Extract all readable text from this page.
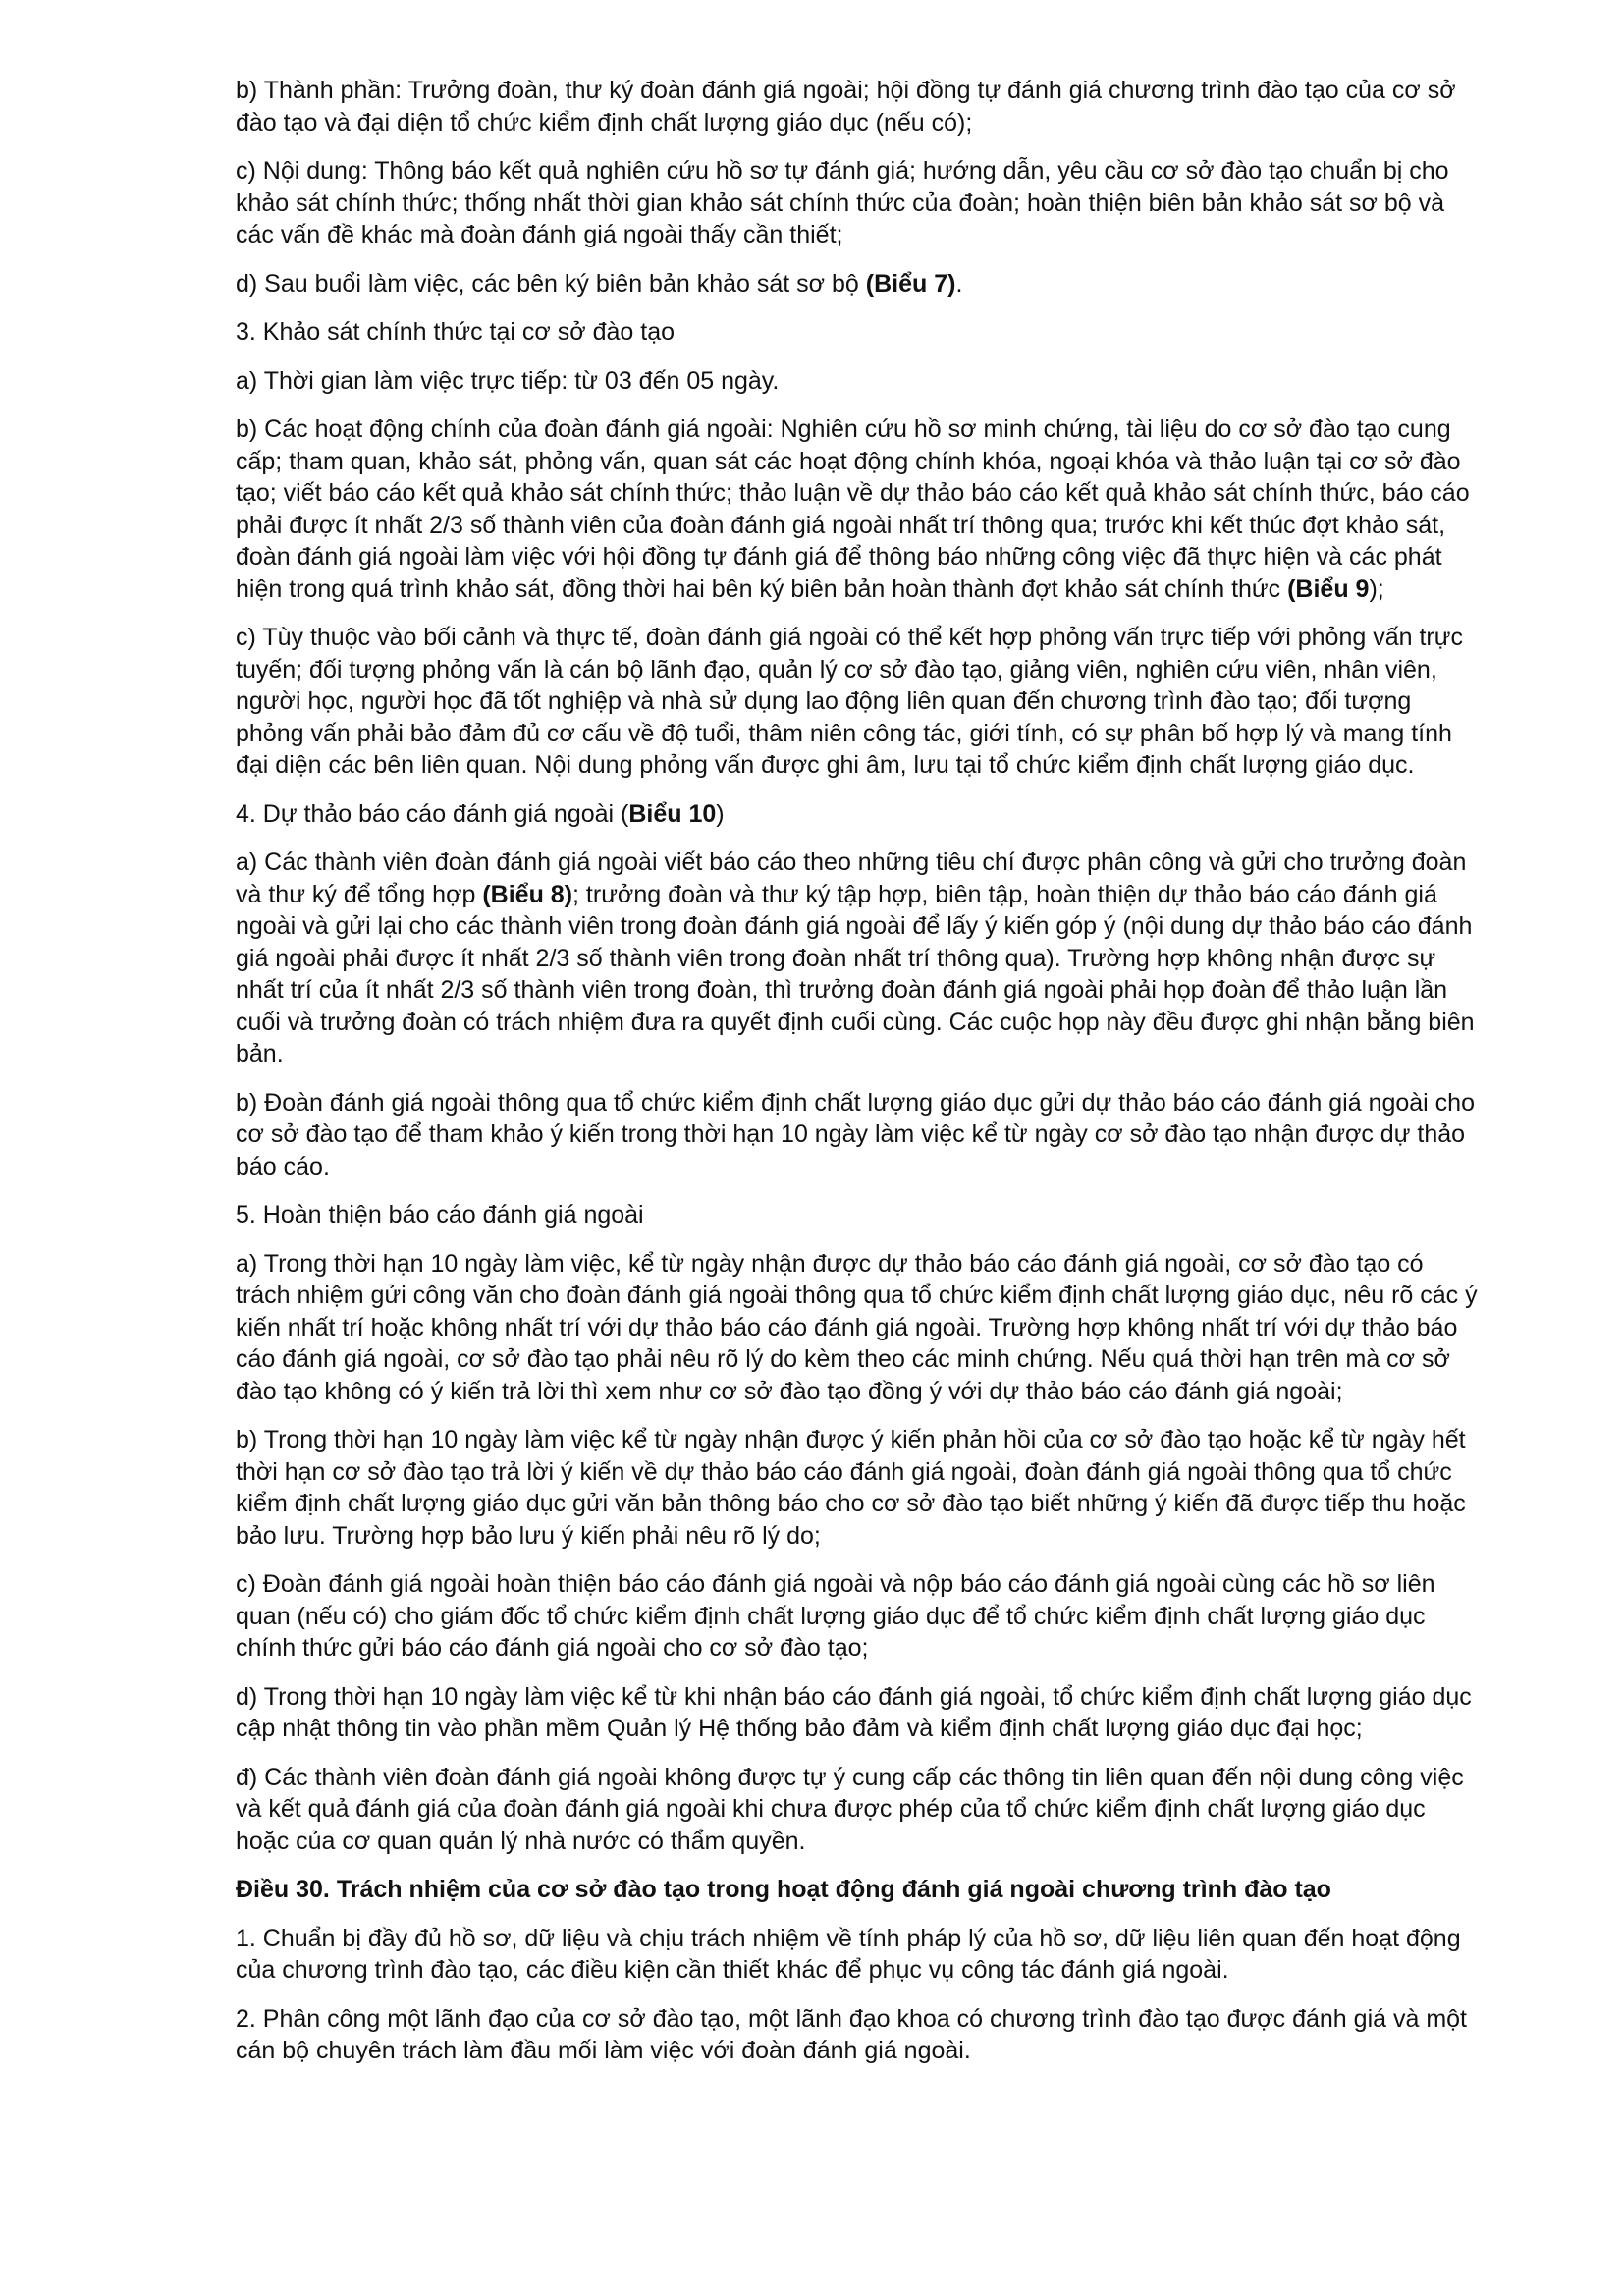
b) Thành phần: Trưởng đoàn, thư ký đoàn đánh giá ngoài; hội đồng tự đánh giá chương trình đào tạo của cơ sở đào tạo và đại diện tổ chức kiểm định chất lượng giáo dục (nếu có);

c) Nội dung: Thông báo kết quả nghiên cứu hồ sơ tự đánh giá; hướng dẫn, yêu cầu cơ sở đào tạo chuẩn bị cho khảo sát chính thức; thống nhất thời gian khảo sát chính thức của đoàn; hoàn thiện biên bản khảo sát sơ bộ và các vấn đề khác mà đoàn đánh giá ngoài thấy cần thiết;

d) Sau buổi làm việc, các bên ký biên bản khảo sát sơ bộ (Biểu 7).

3. Khảo sát chính thức tại cơ sở đào tạo

a) Thời gian làm việc trực tiếp: từ 03 đến 05 ngày.

b) Các hoạt động chính của đoàn đánh giá ngoài: Nghiên cứu hồ sơ minh chứng, tài liệu do cơ sở đào tạo cung cấp; tham quan, khảo sát, phỏng vấn, quan sát các hoạt động chính khóa, ngoại khóa và thảo luận tại cơ sở đào tạo; viết báo cáo kết quả khảo sát chính thức; thảo luận về dự thảo báo cáo kết quả khảo sát chính thức, báo cáo phải được ít nhất 2/3 số thành viên của đoàn đánh giá ngoài nhất trí thông qua; trước khi kết thúc đợt khảo sát, đoàn đánh giá ngoài làm việc với hội đồng tự đánh giá để thông báo những công việc đã thực hiện và các phát hiện trong quá trình khảo sát, đồng thời hai bên ký biên bản hoàn thành đợt khảo sát chính thức (Biểu 9);

c) Tùy thuộc vào bối cảnh và thực tế, đoàn đánh giá ngoài có thể kết hợp phỏng vấn trực tiếp với phỏng vấn trực tuyến; đối tượng phỏng vấn là cán bộ lãnh đạo, quản lý cơ sở đào tạo, giảng viên, nghiên cứu viên, nhân viên, người học, người học đã tốt nghiệp và nhà sử dụng lao động liên quan đến chương trình đào tạo; đối tượng phỏng vấn phải bảo đảm đủ cơ cấu về độ tuổi, thâm niên công tác, giới tính, có sự phân bố hợp lý và mang tính đại diện các bên liên quan. Nội dung phỏng vấn được ghi âm, lưu tại tổ chức kiểm định chất lượng giáo dục.

4. Dự thảo báo cáo đánh giá ngoài (Biểu 10)

a) Các thành viên đoàn đánh giá ngoài viết báo cáo theo những tiêu chí được phân công và gửi cho trưởng đoàn và thư ký để tổng hợp (Biểu 8); trưởng đoàn và thư ký tập hợp, biên tập, hoàn thiện dự thảo báo cáo đánh giá ngoài và gửi lại cho các thành viên trong đoàn đánh giá ngoài để lấy ý kiến góp ý (nội dung dự thảo báo cáo đánh giá ngoài phải được ít nhất 2/3 số thành viên trong đoàn nhất trí thông qua). Trường hợp không nhận được sự nhất trí của ít nhất 2/3 số thành viên trong đoàn, thì trưởng đoàn đánh giá ngoài phải họp đoàn để thảo luận lần cuối và trưởng đoàn có trách nhiệm đưa ra quyết định cuối cùng. Các cuộc họp này đều được ghi nhận bằng biên bản.

b) Đoàn đánh giá ngoài thông qua tổ chức kiểm định chất lượng giáo dục gửi dự thảo báo cáo đánh giá ngoài cho cơ sở đào tạo để tham khảo ý kiến trong thời hạn 10 ngày làm việc kể từ ngày cơ sở đào tạo nhận được dự thảo báo cáo.

5. Hoàn thiện báo cáo đánh giá ngoài

a) Trong thời hạn 10 ngày làm việc, kể từ ngày nhận được dự thảo báo cáo đánh giá ngoài, cơ sở đào tạo có trách nhiệm gửi công văn cho đoàn đánh giá ngoài thông qua tổ chức kiểm định chất lượng giáo dục, nêu rõ các ý kiến nhất trí hoặc không nhất trí với dự thảo báo cáo đánh giá ngoài. Trường hợp không nhất trí với dự thảo báo cáo đánh giá ngoài, cơ sở đào tạo phải nêu rõ lý do kèm theo các minh chứng. Nếu quá thời hạn trên mà cơ sở đào tạo không có ý kiến trả lời thì xem như cơ sở đào tạo đồng ý với dự thảo báo cáo đánh giá ngoài;

b) Trong thời hạn 10 ngày làm việc kể từ ngày nhận được ý kiến phản hồi của cơ sở đào tạo hoặc kể từ ngày hết thời hạn cơ sở đào tạo trả lời ý kiến về dự thảo báo cáo đánh giá ngoài, đoàn đánh giá ngoài thông qua tổ chức kiểm định chất lượng giáo dục gửi văn bản thông báo cho cơ sở đào tạo biết những ý kiến đã được tiếp thu hoặc bảo lưu. Trường hợp bảo lưu ý kiến phải nêu rõ lý do;

c) Đoàn đánh giá ngoài hoàn thiện báo cáo đánh giá ngoài và nộp báo cáo đánh giá ngoài cùng các hồ sơ liên quan (nếu có) cho giám đốc tổ chức kiểm định chất lượng giáo dục để tổ chức kiểm định chất lượng giáo dục chính thức gửi báo cáo đánh giá ngoài cho cơ sở đào tạo;

d) Trong thời hạn 10 ngày làm việc kể từ khi nhận báo cáo đánh giá ngoài, tổ chức kiểm định chất lượng giáo dục cập nhật thông tin vào phần mềm Quản lý Hệ thống bảo đảm và kiểm định chất lượng giáo dục đại học;

đ) Các thành viên đoàn đánh giá ngoài không được tự ý cung cấp các thông tin liên quan đến nội dung công việc và kết quả đánh giá của đoàn đánh giá ngoài khi chưa được phép của tổ chức kiểm định chất lượng giáo dục hoặc của cơ quan quản lý nhà nước có thẩm quyền.

Điều 30. Trách nhiệm của cơ sở đào tạo trong hoạt động đánh giá ngoài chương trình đào tạo

1. Chuẩn bị đầy đủ hồ sơ, dữ liệu và chịu trách nhiệm về tính pháp lý của hồ sơ, dữ liệu liên quan đến hoạt động của chương trình đào tạo, các điều kiện cần thiết khác để phục vụ công tác đánh giá ngoài.

2. Phân công một lãnh đạo của cơ sở đào tạo, một lãnh đạo khoa có chương trình đào tạo được đánh giá và một cán bộ chuyên trách làm đầu mối làm việc với đoàn đánh giá ngoài.
